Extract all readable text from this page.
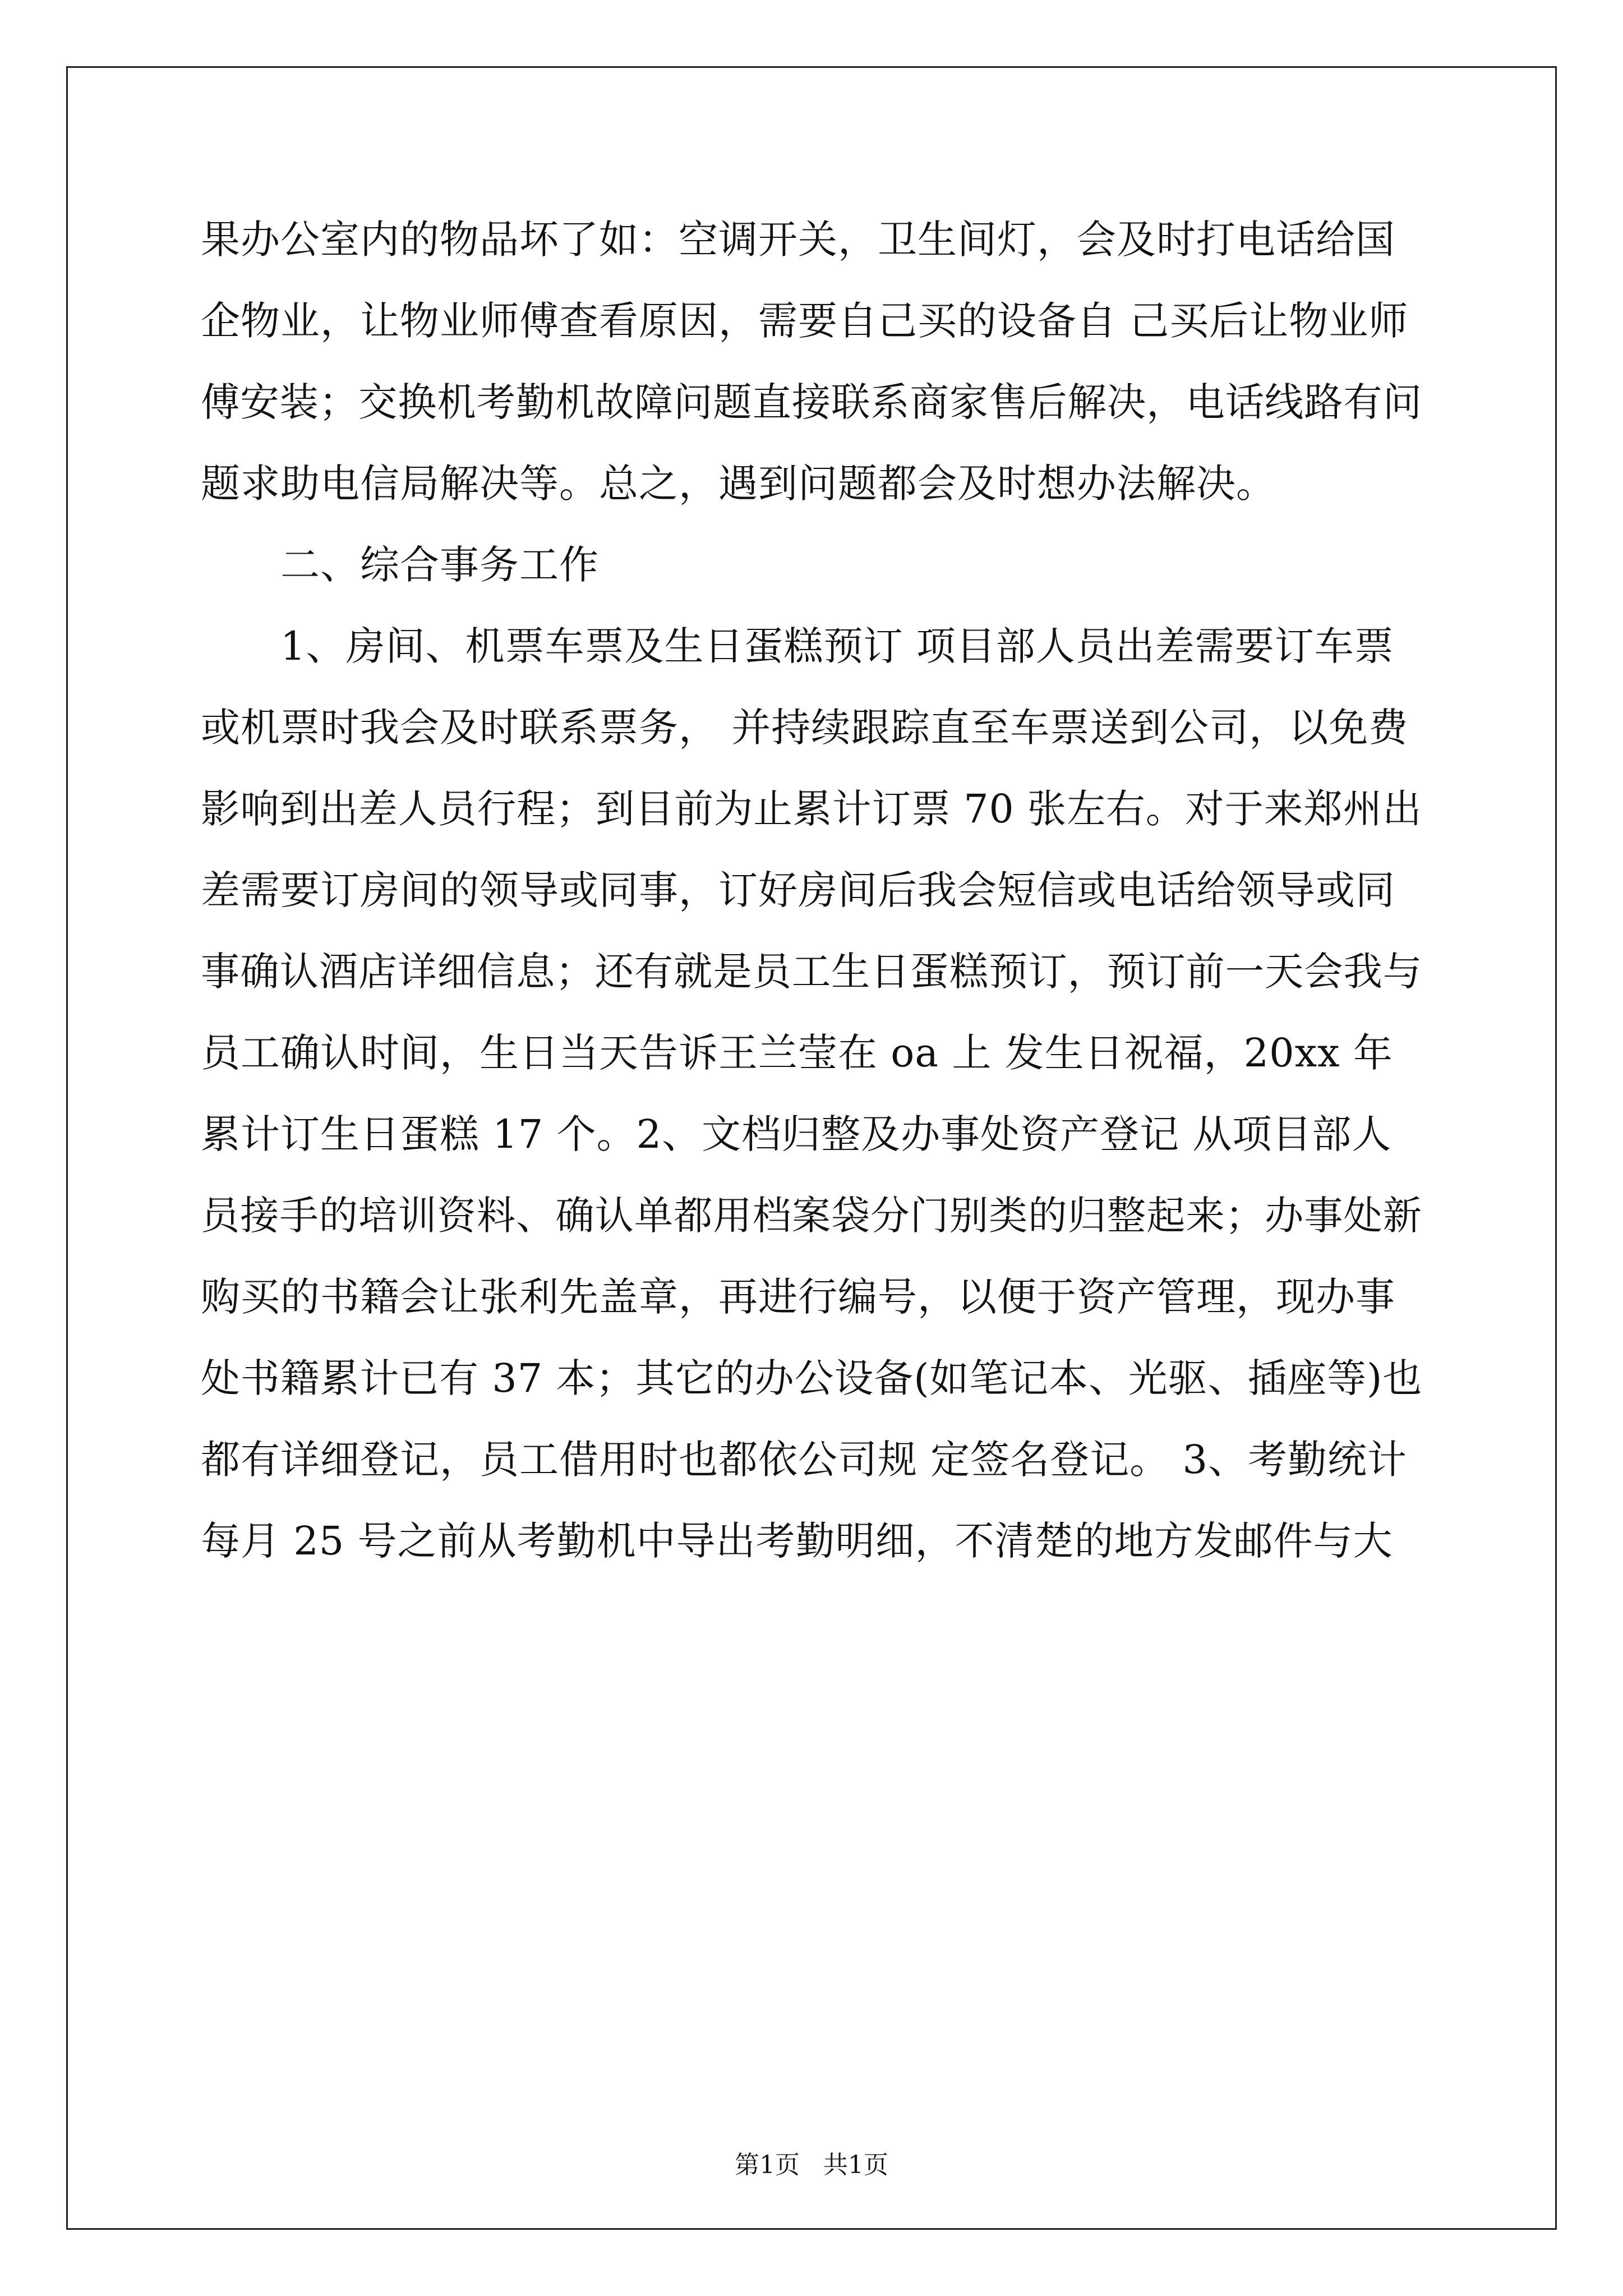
果办公室内的物品坏了如：空调开关，卫生间灯，会及时打电话给国
企物业，让物业师傅查看原因，需要自己买的设备自 己买后让物业师
傅安装；交换机考勤机故障问题直接联系商家售后解决，电话线路有问
题求助电信局解决等。总之，遇到问题都会及时想办法解决。
二、综合事务工作
1、房间、机票车票及生日蛋糕预订 项目部人员出差需要订车票
或机票时我会及时联系票务， 并持续跟踪直至车票送到公司，以免费
影响到出差人员行程；到目前为止累计订票 70 张左右。对于来郑州出
差需要订房间的领导或同事，订好房间后我会短信或电话给领导或同
事确认酒店详细信息；还有就是员工生日蛋糕预订，预订前一天会我与
员工确认时间，生日当天告诉王兰莹在 oa 上 发生日祝福，20xx 年
累计订生日蛋糕 17 个。2、文档归整及办事处资产登记 从项目部人
员接手的培训资料、确认单都用档案袋分门别类的归整起来；办事处新
购买的书籍会让张利先盖章，再进行编号，以便于资产管理，现办事
处书籍累计已有 37 本；其它的办公设备(如笔记本、光驱、插座等)也
都有详细登记，员工借用时也都依公司规 定签名登记。 3、考勤统计
每月 25 号之前从考勤机中导出考勤明细，不清楚的地方发邮件与大
第1页   共1页
